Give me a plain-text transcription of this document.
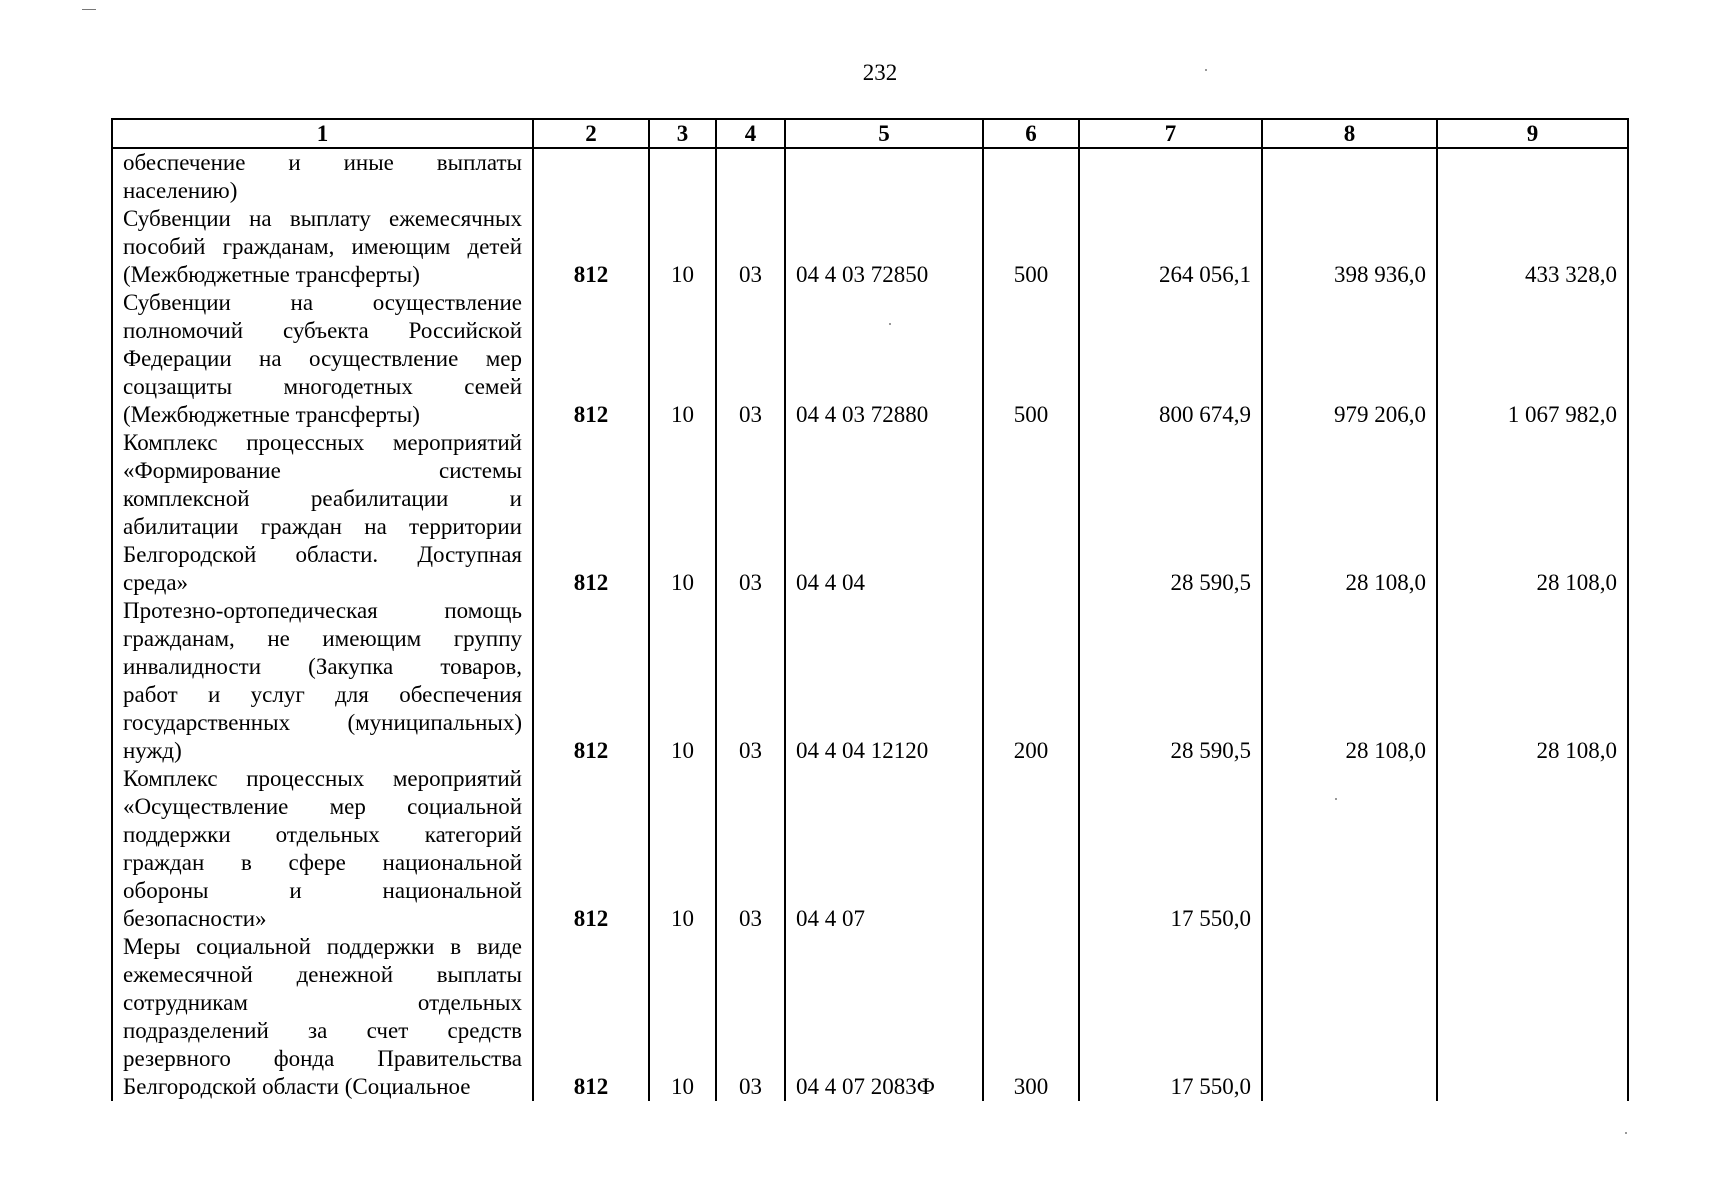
232
1	2	3	4	5	6	7	8	9
обеспечение и иные выплаты								
населению)								
Субвенции на выплату ежемесячных	812	10	03	04 4 03 72850	500	264 056,1	398 936,0	433 328,0
пособий гражданам, имеющим детей								
(Межбюджетные трансферты)								
Субвенции на осуществление	812	10	03	04 4 03 72880	500	800 674,9	979 206,0	1 067 982,0
полномочий субъекта Российской								
Федерации на осуществление мер								
соцзащиты многодетных семей								
(Межбюджетные трансферты)								
Комплекс процессных мероприятий	812	10	03	04 4 04		28 590,5	28 108,0	28 108,0
«Формирование системы								
комплексной реабилитации и								
абилитации граждан на территории								
Белгородской области. Доступная								
среда»								
Протезно-ортопедическая помощь	812	10	03	04 4 04 12120	200	28 590,5	28 108,0	28 108,0
гражданам, не имеющим группу								
инвалидности (Закупка товаров,								
работ и услуг для обеспечения								
государственных (муниципальных)								
нужд)								
Комплекс процессных мероприятий	812	10	03	04 4 07		17 550,0		
«Осуществление мер социальной								
поддержки отдельных категорий								
граждан в сфере национальной								
обороны и национальной								
безопасности»								
Меры социальной поддержки в виде	812	10	03	04 4 07 2083Ф	300	17 550,0		
ежемесячной денежной выплаты								
сотрудникам отдельных								
подразделений за счет средств								
резервного фонда Правительства								
Белгородской области (Социальное								
